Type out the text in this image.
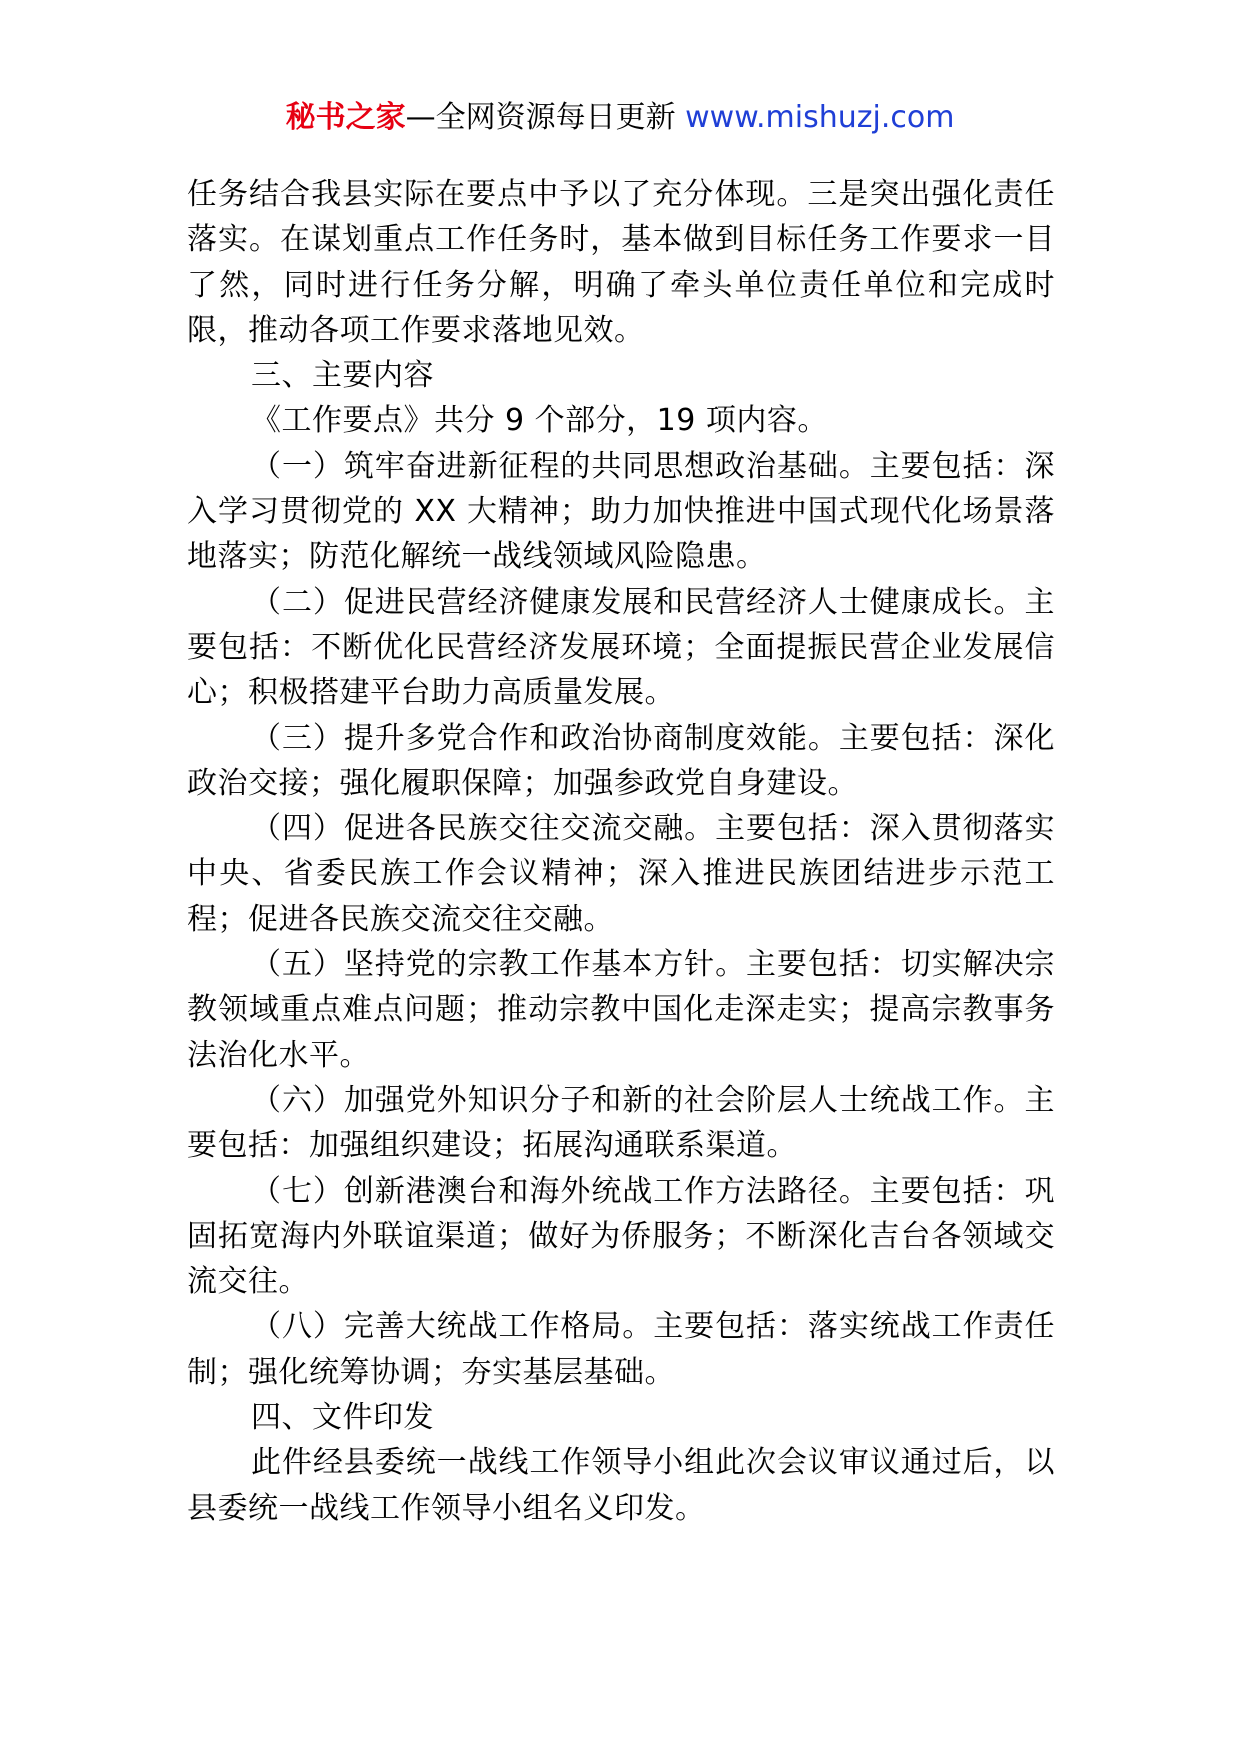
秘书之家—全网资源每日更新 www.mishuzj.com

任务结合我县实际在要点中予以了充分体现。三是突出强化责任落实。在谋划重点工作任务时，基本做到目标任务工作要求一目了然，同时进行任务分解，明确了牵头单位责任单位和完成时限，推动各项工作要求落地见效。

三、主要内容

《工作要点》共分 9 个部分，19 项内容。

（一）筑牢奋进新征程的共同思想政治基础。主要包括：深入学习贯彻党的 XX 大精神；助力加快推进中国式现代化场景落地落实；防范化解统一战线领域风险隐患。

（二）促进民营经济健康发展和民营经济人士健康成长。主要包括：不断优化民营经济发展环境；全面提振民营企业发展信心；积极搭建平台助力高质量发展。

（三）提升多党合作和政治协商制度效能。主要包括：深化政治交接；强化履职保障；加强参政党自身建设。

（四）促进各民族交往交流交融。主要包括：深入贯彻落实中央、省委民族工作会议精神；深入推进民族团结进步示范工程；促进各民族交流交往交融。

（五）坚持党的宗教工作基本方针。主要包括：切实解决宗教领域重点难点问题；推动宗教中国化走深走实；提高宗教事务法治化水平。

（六）加强党外知识分子和新的社会阶层人士统战工作。主要包括：加强组织建设；拓展沟通联系渠道。

（七）创新港澳台和海外统战工作方法路径。主要包括：巩固拓宽海内外联谊渠道；做好为侨服务；不断深化吉台各领域交流交往。

（八）完善大统战工作格局。主要包括：落实统战工作责任制；强化统筹协调；夯实基层基础。

四、文件印发

此件经县委统一战线工作领导小组此次会议审议通过后，以县委统一战线工作领导小组名义印发。
